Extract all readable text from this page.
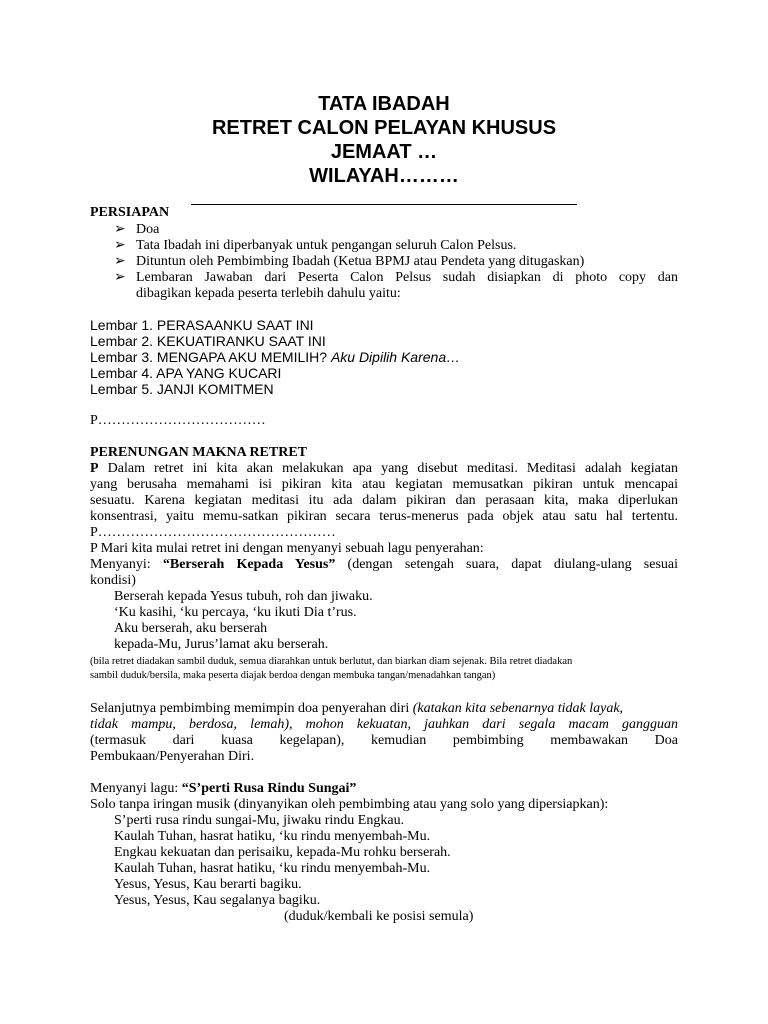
TATA IBADAH
RETRET CALON PELAYAN KHUSUS
JEMAAT …
WILAYAH………
PERSIAPAN
➢ Doa
➢ Tata Ibadah ini diperbanyak untuk pengangan seluruh Calon Pelsus.
➢ Dituntun oleh Pembimbing Ibadah (Ketua BPMJ atau Pendeta yang ditugaskan)
➢ Lembaran Jawaban dari Peserta Calon Pelsus sudah disiapkan di photo copy dan
dibagikan kepada peserta terlebih dahulu yaitu:
Lembar 1. PERASAANKU SAAT INI
Lembar 2. KEKUATIRANKU SAAT INI
Lembar 3. MENGAPA AKU MEMILIH? Aku Dipilih Karena…
Lembar 4. APA YANG KUCARI
Lembar 5. JANJI KOMITMEN
P………………………………
PERENUNGAN MAKNA RETRET
P Dalam retret ini kita akan melakukan apa yang disebut meditasi. Meditasi adalah kegiatan
yang berusaha memahami isi pikiran kita atau kegiatan memusatkan pikiran untuk mencapai
sesuatu. Karena kegiatan meditasi itu ada dalam pikiran dan perasaan kita, maka diperlukan
konsentrasi, yaitu memu-satkan pikiran secara terus-menerus pada objek atau satu hal tertentu.
P……………………………………………
P Mari kita mulai retret ini dengan menyanyi sebuah lagu penyerahan:
Menyanyi: “Berserah Kepada Yesus” (dengan setengah suara, dapat diulang-ulang sesuai
kondisi)
Berserah kepada Yesus tubuh, roh dan jiwaku.
‘Ku kasihi, ‘ku percaya, ‘ku ikuti Dia t’rus.
Aku berserah, aku berserah
kepada-Mu, Jurus’lamat aku berserah.
(bila retret diadakan sambil duduk, semua diarahkan untuk berlutut, dan biarkan diam sejenak. Bila retret diadakan
sambil duduk/bersila, maka peserta diajak berdoa dengan membuka tangan/menadahkan tangan)
Selanjutnya pembimbing memimpin doa penyerahan diri (katakan kita sebenarnya tidak layak,
tidak mampu, berdosa, lemah), mohon kekuatan, jauhkan dari segala macam gangguan
(termasuk dari kuasa kegelapan), kemudian pembimbing membawakan Doa
Pembukaan/Penyerahan Diri.
Menyanyi lagu: “S’perti Rusa Rindu Sungai”
Solo tanpa iringan musik (dinyanyikan oleh pembimbing atau yang solo yang dipersiapkan):
S’perti rusa rindu sungai-Mu, jiwaku rindu Engkau.
Kaulah Tuhan, hasrat hatiku, ‘ku rindu menyembah-Mu.
Engkau kekuatan dan perisaiku, kepada-Mu rohku berserah.
Kaulah Tuhan, hasrat hatiku, ‘ku rindu menyembah-Mu.
Yesus, Yesus, Kau berarti bagiku.
Yesus, Yesus, Kau segalanya bagiku.
(duduk/kembali ke posisi semula)
